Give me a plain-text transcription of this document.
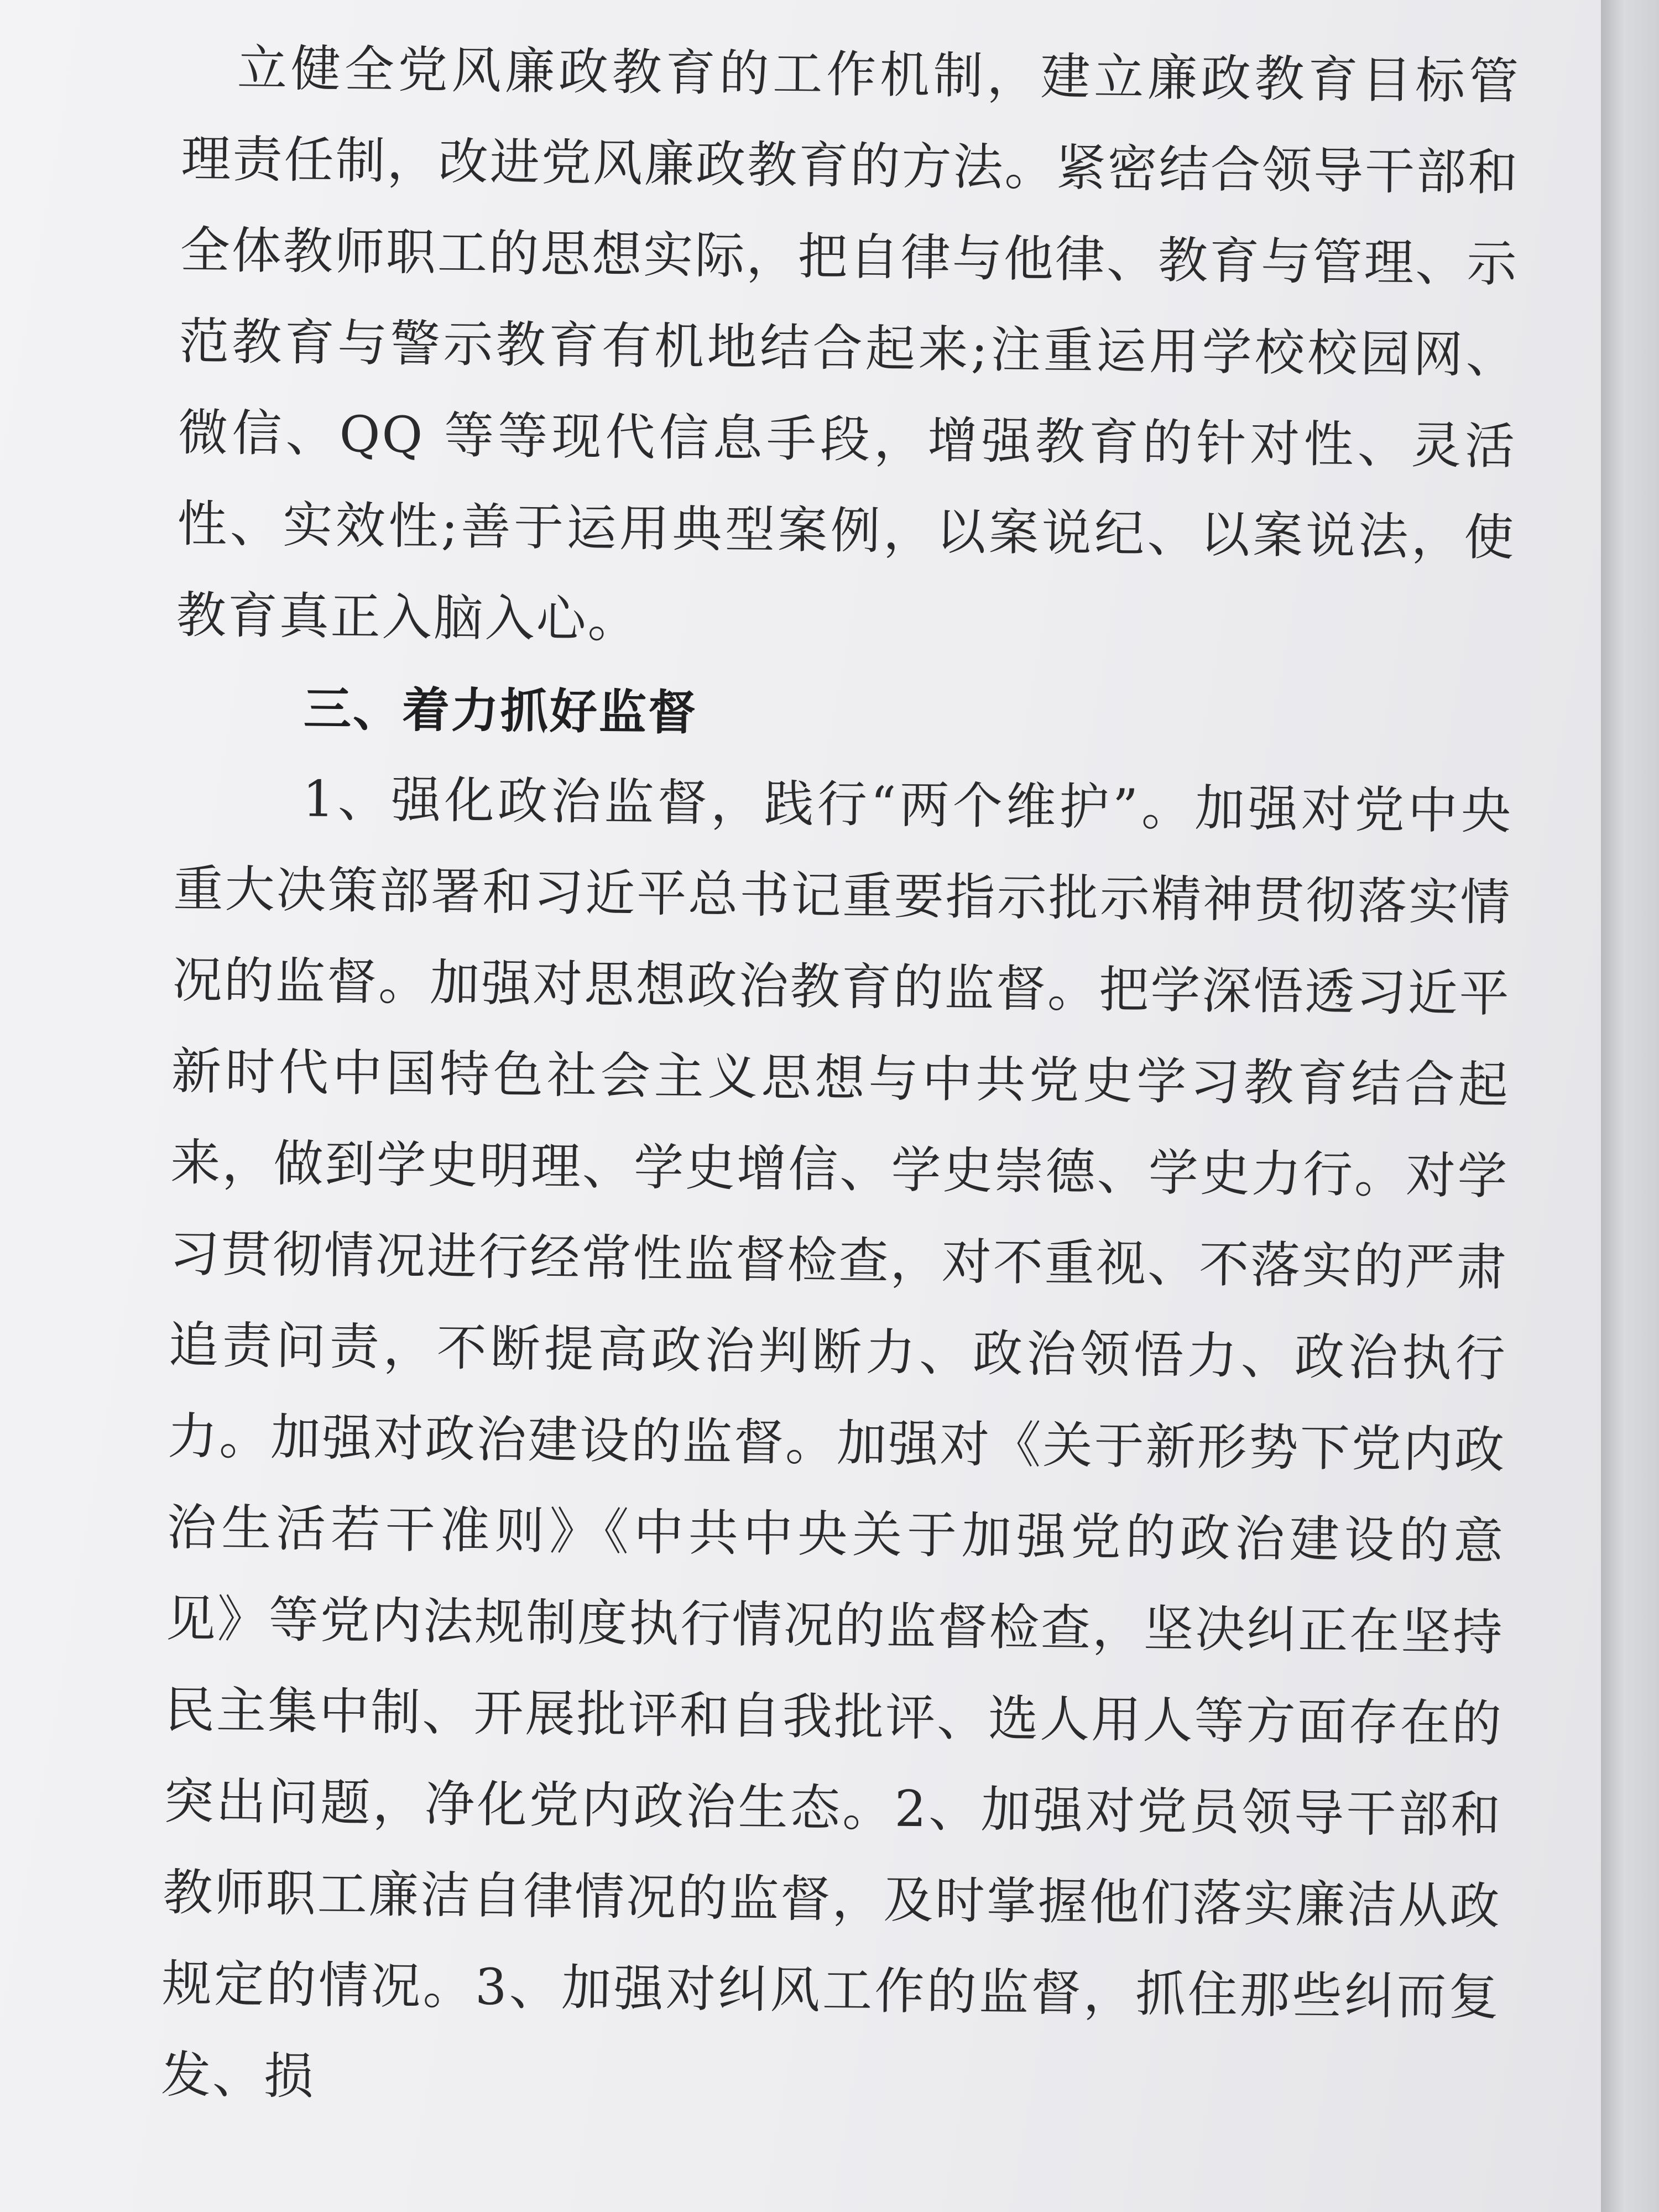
立健全党风廉政教育的工作机制，建立廉政教育目标管理责任制，改进党风廉政教育的方法。紧密结合领导干部和全体教师职工的思想实际，把自律与他律、教育与管理、示范教育与警示教育有机地结合起来;注重运用学校校园网、微信、QQ 等等现代信息手段，增强教育的针对性、灵活性、实效性;善于运用典型案例，以案说纪、以案说法，使教育真正入脑入心。

三、着力抓好监督

1、强化政治监督，践行“两个维护”。加强对党中央重大决策部署和习近平总书记重要指示批示精神贯彻落实情况的监督。加强对思想政治教育的监督。把学深悟透习近平新时代中国特色社会主义思想与中共党史学习教育结合起来，做到学史明理、学史增信、学史崇德、学史力行。对学习贯彻情况进行经常性监督检查，对不重视、不落实的严肃追责问责，不断提高政治判断力、政治领悟力、政治执行力。加强对政治建设的监督。加强对《关于新形势下党内政治生活若干准则》《中共中央关于加强党的政治建设的意见》等党内法规制度执行情况的监督检查，坚决纠正在坚持民主集中制、开展批评和自我批评、选人用人等方面存在的突出问题，净化党内政治生态。2、加强对党员领导干部和教师职工廉洁自律情况的监督，及时掌握他们落实廉洁从政规定的情况。3、加强对纠风工作的监督，抓住那些纠而复发、损
